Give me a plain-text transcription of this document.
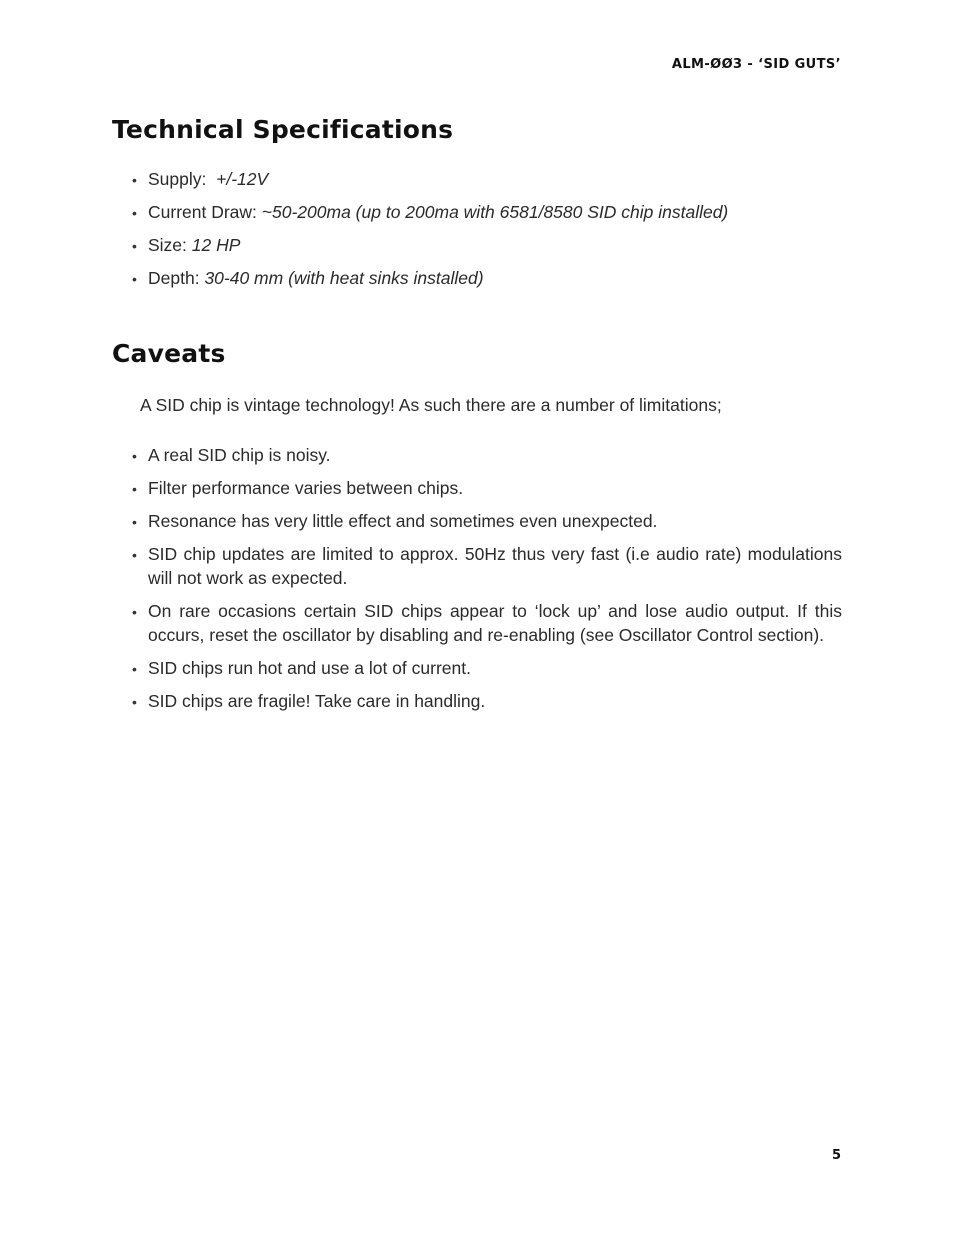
ALM-ØØ3 - ‘SID GUTS’
Technical Specifications
• Supply: +/-12V
• Current Draw: ~50-200ma (up to 200ma with 6581/8580 SID chip installed)
• Size: 12 HP
• Depth: 30-40 mm (with heat sinks installed)
Caveats

A SID chip is vintage technology! As such there are a number of limitations;

• A real SID chip is noisy.
• Filter performance varies between chips.
• Resonance has very little effect and sometimes even unexpected.
• SID chip updates are limited to approx. 50Hz thus very fast (i.e audio rate) modulations will not work as expected.
• On rare occasions certain SID chips appear to ‘lock up’ and lose audio output. If this occurs, reset the oscillator by disabling and re-enabling (see Oscillator Control section).
• SID chips run hot and use a lot of current.
• SID chips are fragile! Take care in handling.
5
